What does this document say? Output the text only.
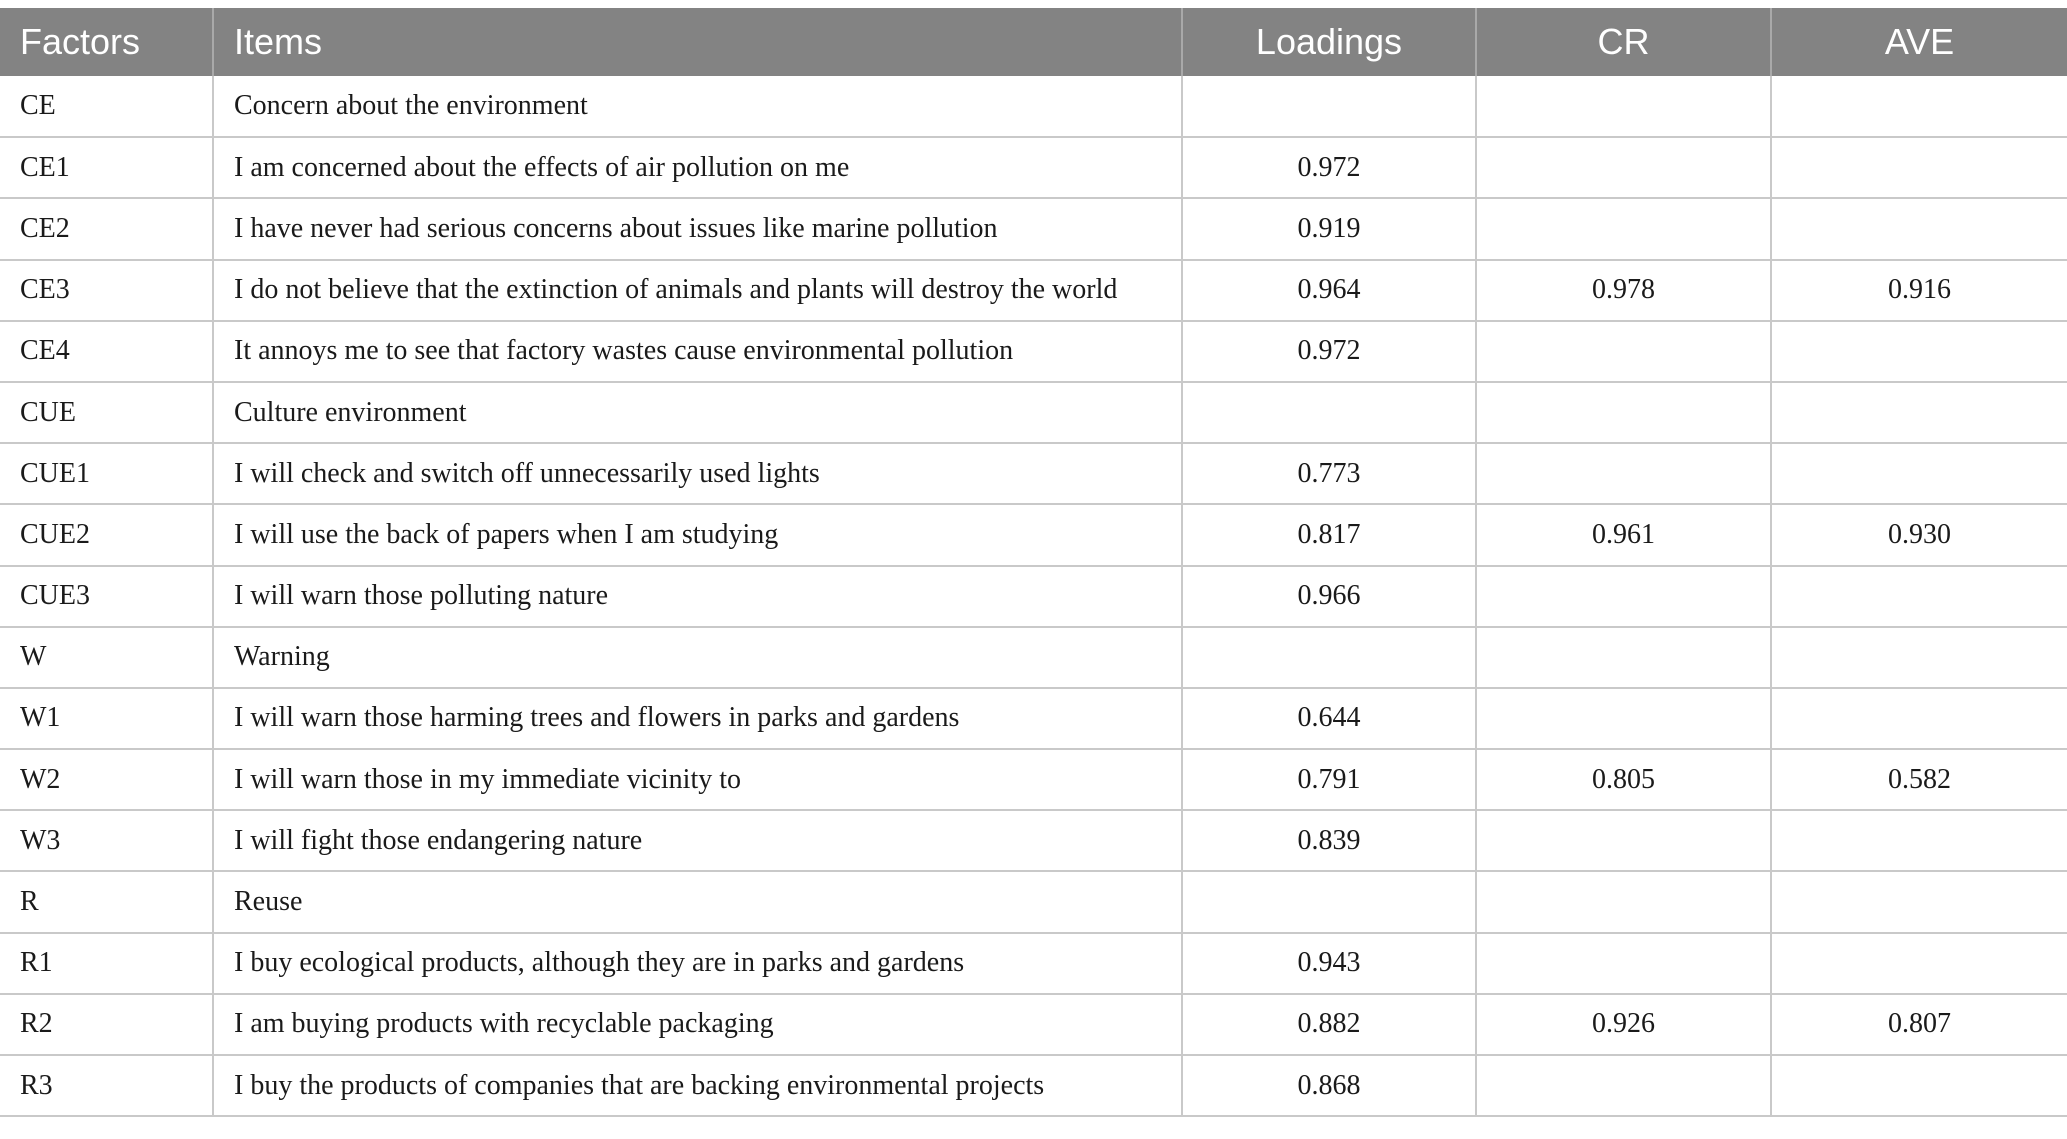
Factors	Items	Loadings	CR	AVE
CE	Concern about the environment			
CE1	I am concerned about the effects of air pollution on me	0.972		
CE2	I have never had serious concerns about issues like marine pollution	0.919		
CE3	I do not believe that the extinction of animals and plants will destroy the world	0.964	0.978	0.916
CE4	It annoys me to see that factory wastes cause environmental pollution	0.972		
CUE	Culture environment			
CUE1	I will check and switch off unnecessarily used lights	0.773		
CUE2	I will use the back of papers when I am studying	0.817	0.961	0.930
CUE3	I will warn those polluting nature	0.966		
W	Warning			
W1	I will warn those harming trees and flowers in parks and gardens	0.644		
W2	I will warn those in my immediate vicinity to	0.791	0.805	0.582
W3	I will fight those endangering nature	0.839		
R	Reuse			
R1	I buy ecological products, although they are in parks and gardens	0.943		
R2	I am buying products with recyclable packaging	0.882	0.926	0.807
R3	I buy the products of companies that are backing environmental projects	0.868		
